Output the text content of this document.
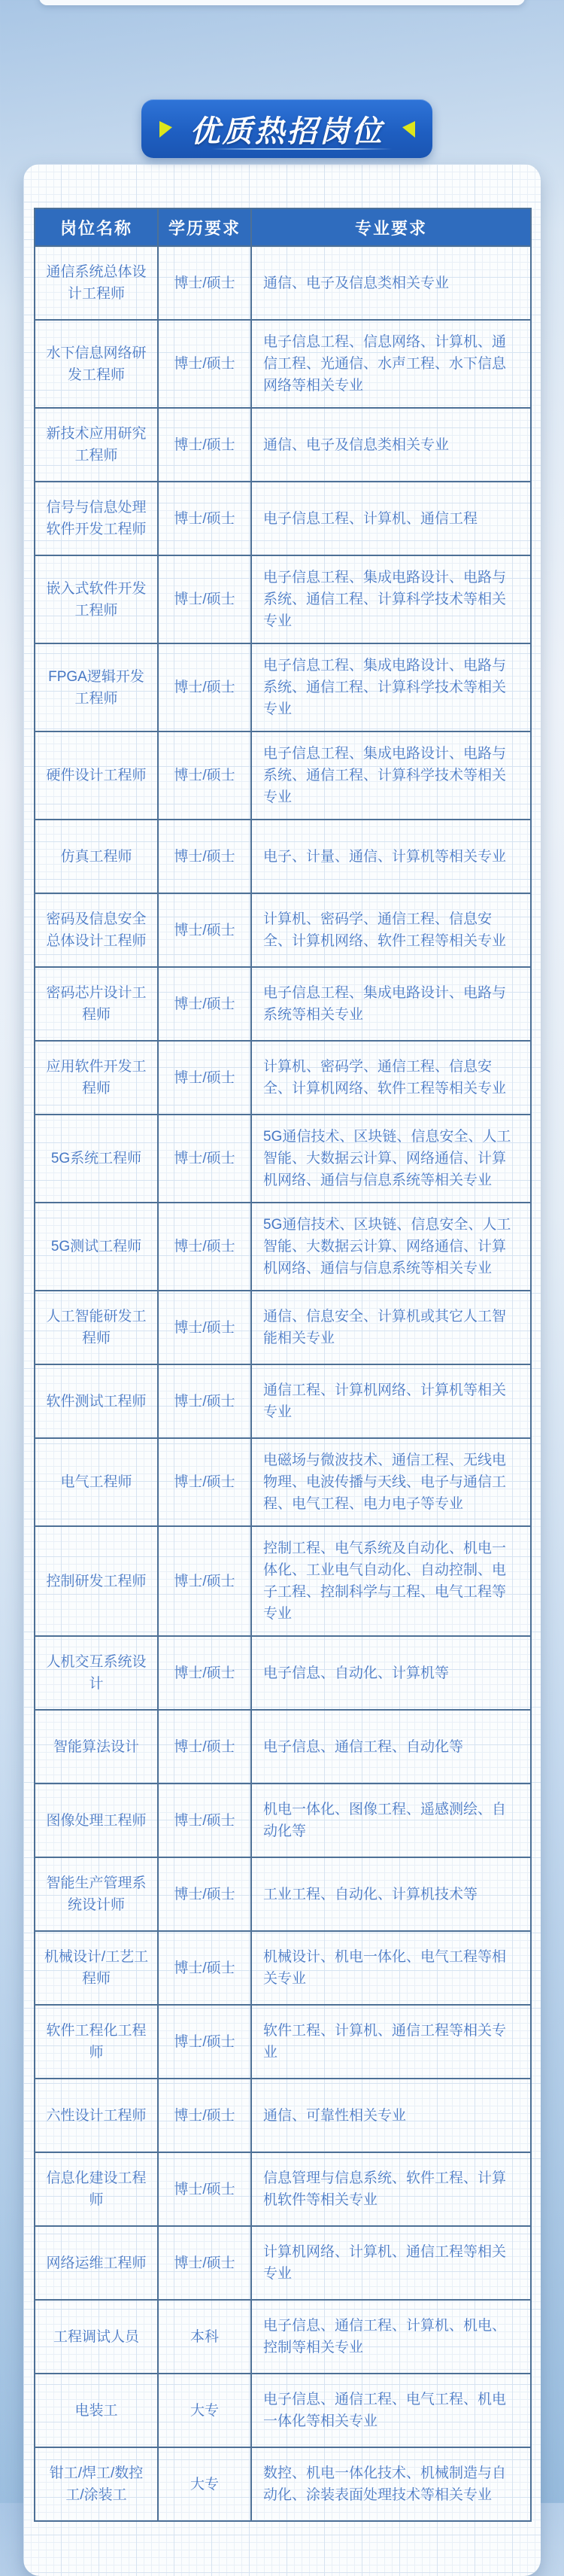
优质热招岗位
岗位名称	学历要求	专业要求
通信系统总体设计工程师	博士/硕士	通信、电子及信息类相关专业
水下信息网络研发工程师	博士/硕士	电子信息工程、信息网络、计算机、通信工程、光通信、水声工程、水下信息网络等相关专业
新技术应用研究工程师	博士/硕士	通信、电子及信息类相关专业
信号与信息处理软件开发工程师	博士/硕士	电子信息工程、计算机、通信工程
嵌入式软件开发工程师	博士/硕士	电子信息工程、集成电路设计、电路与系统、通信工程、计算科学技术等相关专业
FPGA逻辑开发工程师	博士/硕士	电子信息工程、集成电路设计、电路与系统、通信工程、计算科学技术等相关专业
硬件设计工程师	博士/硕士	电子信息工程、集成电路设计、电路与系统、通信工程、计算科学技术等相关专业
仿真工程师	博士/硕士	电子、计量、通信、计算机等相关专业
密码及信息安全总体设计工程师	博士/硕士	计算机、密码学、通信工程、信息安全、计算机网络、软件工程等相关专业
密码芯片设计工程师	博士/硕士	电子信息工程、集成电路设计、电路与系统等相关专业
应用软件开发工程师	博士/硕士	计算机、密码学、通信工程、信息安全、计算机网络、软件工程等相关专业
5G系统工程师	博士/硕士	5G通信技术、区块链、信息安全、人工智能、大数据云计算、网络通信、计算机网络、通信与信息系统等相关专业
5G测试工程师	博士/硕士	5G通信技术、区块链、信息安全、人工智能、大数据云计算、网络通信、计算机网络、通信与信息系统等相关专业
人工智能研发工程师	博士/硕士	通信、信息安全、计算机或其它人工智能相关专业
软件测试工程师	博士/硕士	通信工程、计算机网络、计算机等相关专业
电气工程师	博士/硕士	电磁场与微波技术、通信工程、无线电物理、电波传播与天线、电子与通信工程、电气工程、电力电子等专业
控制研发工程师	博士/硕士	控制工程、电气系统及自动化、机电一体化、工业电气自动化、自动控制、电子工程、控制科学与工程、电气工程等专业
人机交互系统设计	博士/硕士	电子信息、自动化、计算机等
智能算法设计	博士/硕士	电子信息、通信工程、自动化等
图像处理工程师	博士/硕士	机电一体化、图像工程、遥感测绘、自动化等
智能生产管理系统设计师	博士/硕士	工业工程、自动化、计算机技术等
机械设计/工艺工程师	博士/硕士	机械设计、机电一体化、电气工程等相关专业
软件工程化工程师	博士/硕士	软件工程、计算机、通信工程等相关专业
六性设计工程师	博士/硕士	通信、可靠性相关专业
信息化建设工程师	博士/硕士	信息管理与信息系统、软件工程、计算机软件等相关专业
网络运维工程师	博士/硕士	计算机网络、计算机、通信工程等相关专业
工程调试人员	本科	电子信息、通信工程、计算机、机电、控制等相关专业
电装工	大专	电子信息、通信工程、电气工程、机电一体化等相关专业
钳工/焊工/数控工/涂装工	大专	数控、机电一体化技术、机械制造与自动化、涂装表面处理技术等相关专业
